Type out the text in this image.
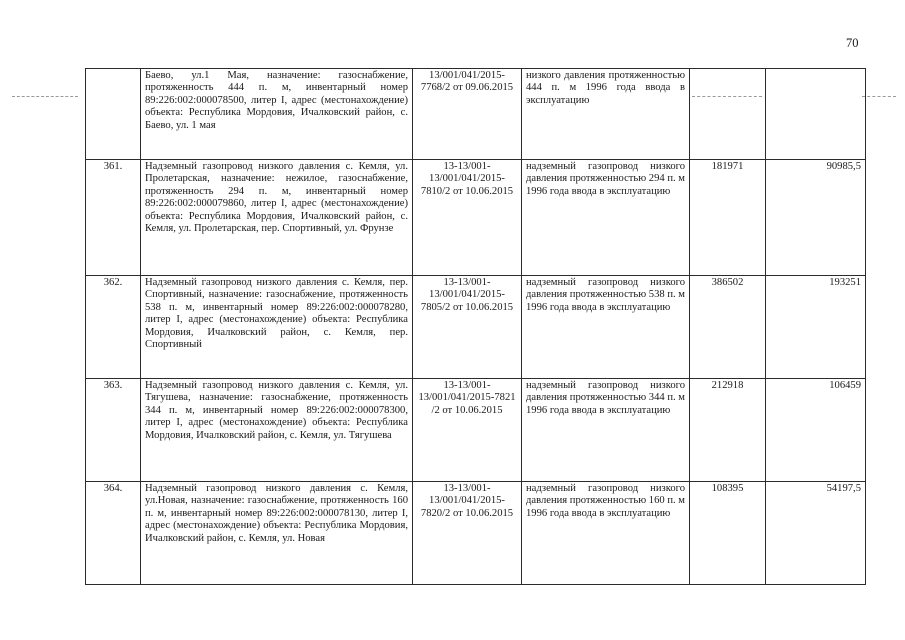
70
	Баево, ул.1 Мая, назначение: газоснабжение, протяженность 444 п. м, инвентарный номер 89:226:002:000078500, литер I, адрес (местонахождение) объекта: Республика Мордовия, Ичалковский район, с. Баево, ул. 1 мая	13/001/041/2015-7768/2 от 09.06.2015	низкого давления протяженностью 444 п. м 1996 года ввода в эксплуатацию		
361.	Надземный газопровод низкого давления с. Кемля, ул. Пролетарская, назначение: нежилое, газоснабжение, протяженность 294 п. м, инвентарный номер 89:226:002:000079860, литер I, адрес (местонахождение) объекта: Республика Мордовия, Ичалковский район, с. Кемля, ул. Пролетарская, пер. Спортивный, ул. Фрунзе	13-13/001-13/001/041/2015-7810/2 от 10.06.2015	надземный газопровод низкого давления протяженностью 294 п. м 1996 года ввода в эксплуатацию	181971	90985,5
362.	Надземный газопровод низкого давления с. Кемля, пер. Спортивный, назначение: газоснабжение, протяженность 538 п. м, инвентарный номер 89:226:002:000078280, литер I, адрес (местонахождение) объекта: Республика Мордовия, Ичалковский район, с. Кемля, пер. Спортивный	13-13/001-13/001/041/2015-7805/2 от 10.06.2015	надземный газопровод низкого давления протяженностью 538 п. м 1996 года ввода в эксплуатацию	386502	193251
363.	Надземный газопровод низкого давления с. Кемля, ул. Тягушева, назначение: газоснабжение, протяженность 344 п. м, инвентарный номер 89:226:002:000078300, литер I, адрес (местонахождение) объекта: Республика Мордовия, Ичалковский район, с. Кемля, ул. Тягушева	13-13/001-13/001/041/2015-7821 /2 от 10.06.2015	надземный газопровод низкого давления протяженностью 344 п. м 1996 года ввода в эксплуатацию	212918	106459
364.	Надземный газопровод низкого давления с. Кемля, ул.Новая, назначение: газоснабжение, протяженность 160 п. м, инвентарный номер 89:226:002:000078130, литер I, адрес (местонахождение) объекта: Республика Мордовия, Ичалковский район, с. Кемля, ул. Новая	13-13/001-13/001/041/2015-7820/2 от 10.06.2015	надземный газопровод низкого давления протяженностью 160 п. м 1996 года ввода в эксплуатацию	108395	54197,5
